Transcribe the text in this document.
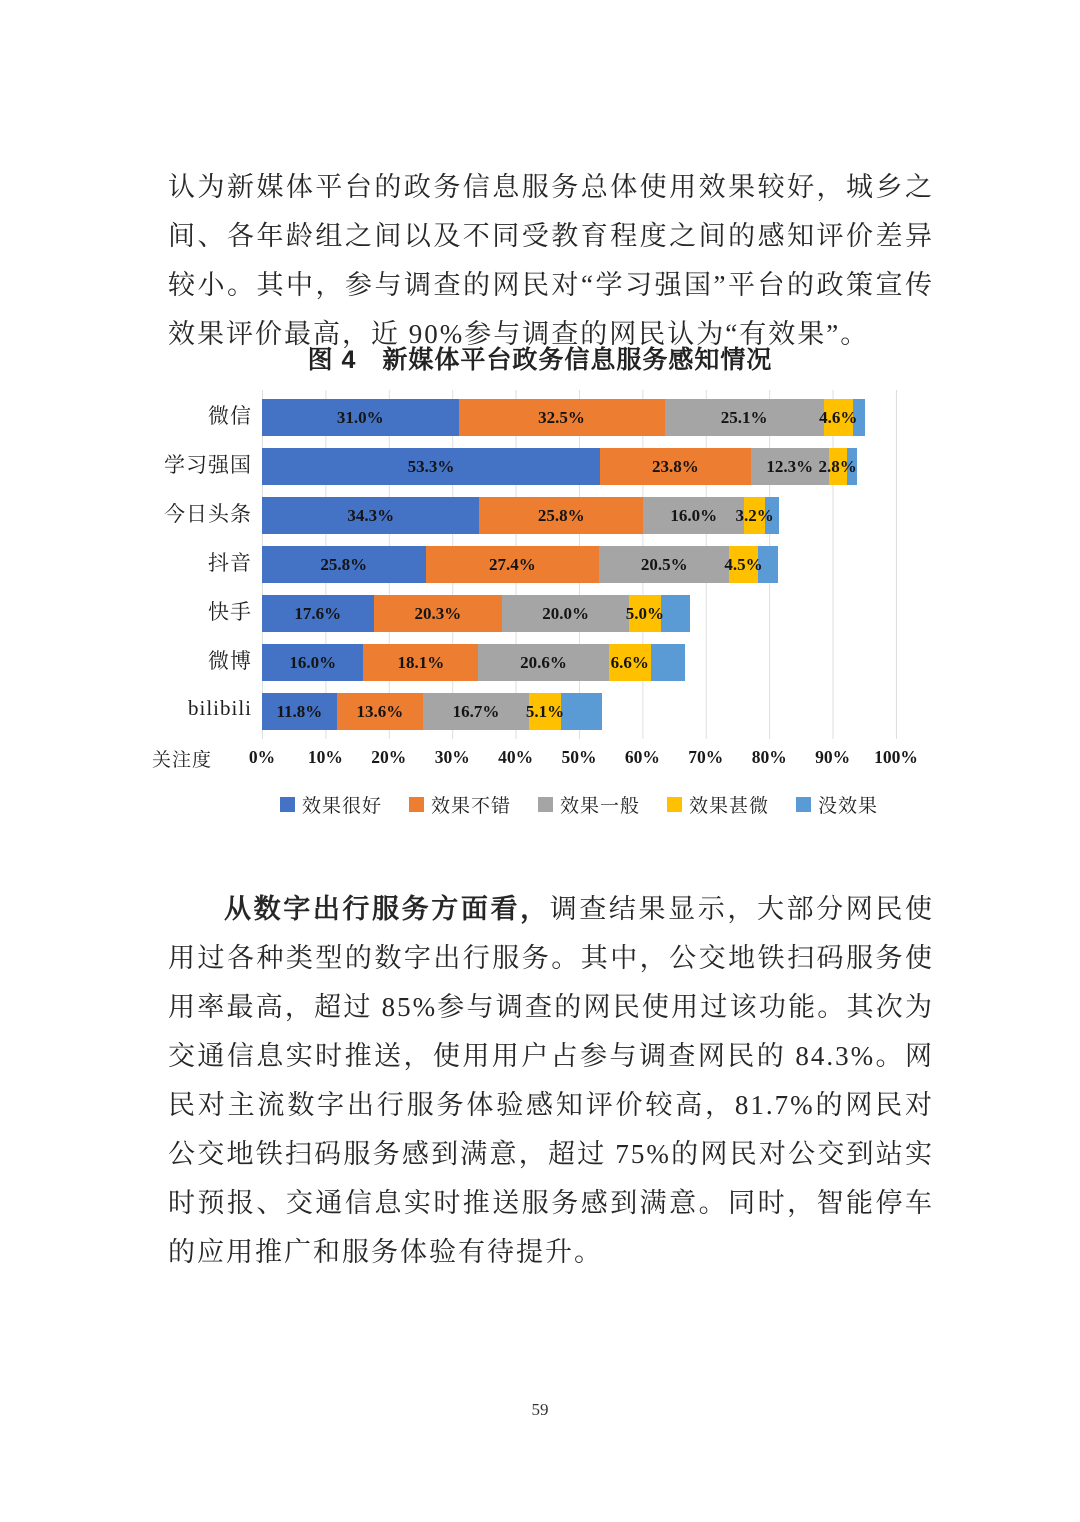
认为新媒体平台的政务信息服务总体使用效果较好，城乡之间、各年龄组之间以及不同受教育程度之间的感知评价差异较小。其中，参与调查的网民对“学习强国”平台的政策宣传效果评价最高，近 90%参与调查的网民认为“有效果”。

图 4　新媒体平台政务信息服务感知情况
微信
学习强国
今日头条
抖音
快手
微博
bilibili
31.0%	32.5%	25.1%	4.6%
53.3%	23.8%	12.3% 2.8%
34.3%	25.8%	16.0% 3.2%
25.8%	27.4%	20.5% 4.5%
17.6%	20.3%	20.0% 5.0%
16.0%	18.1%	20.6%	6.6%
11.8% 13.6%	16.7% 5.1%
关注度	0% 10% 20% 30% 40% 50% 60% 70% 80% 90% 100%
效果很好	效果不错	效果一般	效果甚微	没效果

从数字出行服务方面看，调查结果显示，大部分网民使用过各种类型的数字出行服务。其中，公交地铁扫码服务使用率最高，超过 85%参与调查的网民使用过该功能。其次为交通信息实时推送，使用用户占参与调查网民的 84.3%。网民对主流数字出行服务体验感知评价较高，81.7%的网民对公交地铁扫码服务感到满意，超过 75%的网民对公交到站实时预报、交通信息实时推送服务感到满意。同时，智能停车的应用推广和服务体验有待提升。

59
